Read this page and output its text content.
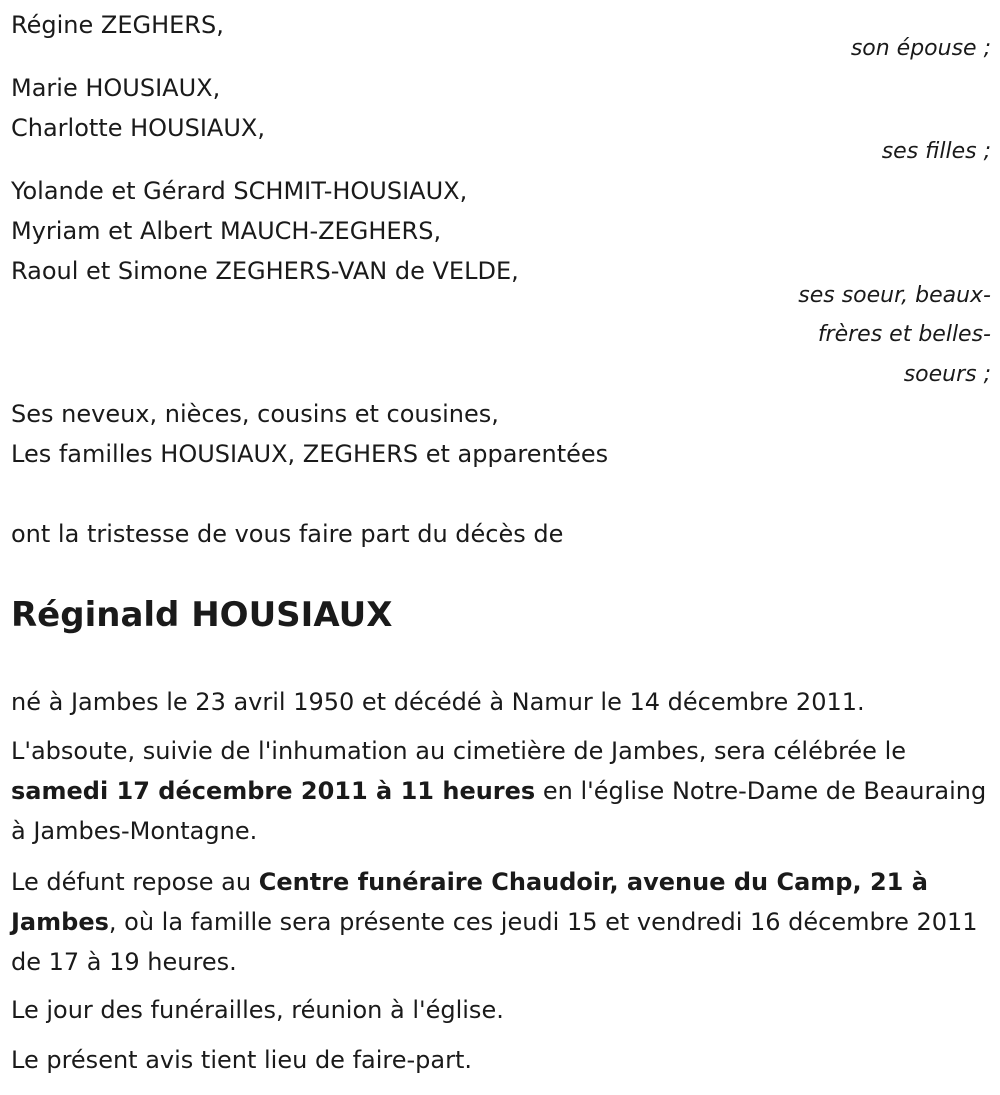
Régine ZEGHERS,

son épouse ;

Marie HOUSIAUX,

Charlotte HOUSIAUX,

ses filles ;

Yolande et Gérard SCHMIT-HOUSIAUX,

Myriam et Albert MAUCH-ZEGHERS,

Raoul et Simone ZEGHERS-VAN de VELDE,

ses soeur, beaux-

frères et belles-

soeurs ;

Ses neveux, nièces, cousins et cousines,

Les familles HOUSIAUX, ZEGHERS et apparentées

ont la tristesse de vous faire part du décès de

Réginald HOUSIAUX

né à Jambes le 23 avril 1950 et décédé à Namur le 14 décembre 2011.

L'absoute, suivie de l'inhumation au cimetière de Jambes, sera célébrée le samedi 17 décembre 2011 à 11 heures en l'église Notre-Dame de Beauraing à Jambes-Montagne.

Le défunt repose au Centre funéraire Chaudoir, avenue du Camp, 21 à Jambes, où la famille sera présente ces jeudi 15 et vendredi 16 décembre 2011 de 17 à 19 heures.

Le jour des funérailles, réunion à l'église.

Le présent avis tient lieu de faire-part.
